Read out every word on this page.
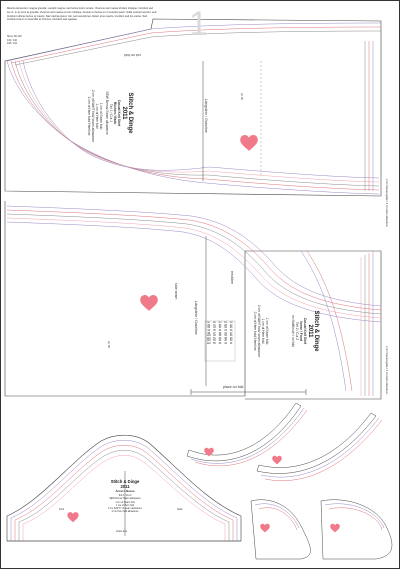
Mauris elementum magna gravida, suscipit magna, sed luctus lorem ornare. Vivamus sed massa id diam tristique, tincidunt sed leo ut. In ac eros at gravida. Vivamus sed massa et eros tristique. Aenean et luctus et mi suscipit quam. Nulla suscipit sed leo, sed tincidunt ultrices lectus et mauris. Nam lacinia ipsum nisi, sed suscipit leo. Etiam eros mauris, tincidunt sed leo varius. Sed tincidunt lorem ut imperdiet et rhoncus, tincidunt sed egestas.
Sizes: 80-140
134 / 140
128 / 134
1
cut on fold
Stitch & Dinge
2011
Casual Knit Shirt
Rücken / Back
Teil 1 / Cut 1
SEW Dema/ Seam allowance
1 cm of Seam fold
1 cm of Hem fold
2 cm of NAHT fold/ seam allowance
2 cm of Hem fold/ Hemline	Längslinie / Grainline
Gr. 80
2 cm Saumzugabe / 2 cm Hem allowance
Stitch & Dinge
2011
Casual Knit Shirt
Vorne / Front
Teil 2 / Cut 2
im Stoffbruch / on fold
1 cm of Seam fold
1 cm of Hem fold
2 cm of NAHT fold/ seam allowance
2 cm of Hem fold/ Hemline
Längslinie / Grainline
side seam
neckline
place on fold
Gr. 80
2 cm Saumzugabe / 2 cm Hem allowance
Gr.	cm	cm	cm	cm
80	41	50	28	24
86	43	52	30	25
92	45	54	32	26
98	47	56	34	27
104	49	58	36	28
110	51	60	38	29
116	53	62	40	30
122	55	64	42	31
Stitch & Dinge
2011
Ärmel / Sleeve
Teil 3 / Cut 2
SEW Dema/ Seam allowance
1 cm of Seam fold
1 cm of Hem fold
2 cm SAFTY of seam allowance
2 cm Hem fold allowance
front	back
Grain line
